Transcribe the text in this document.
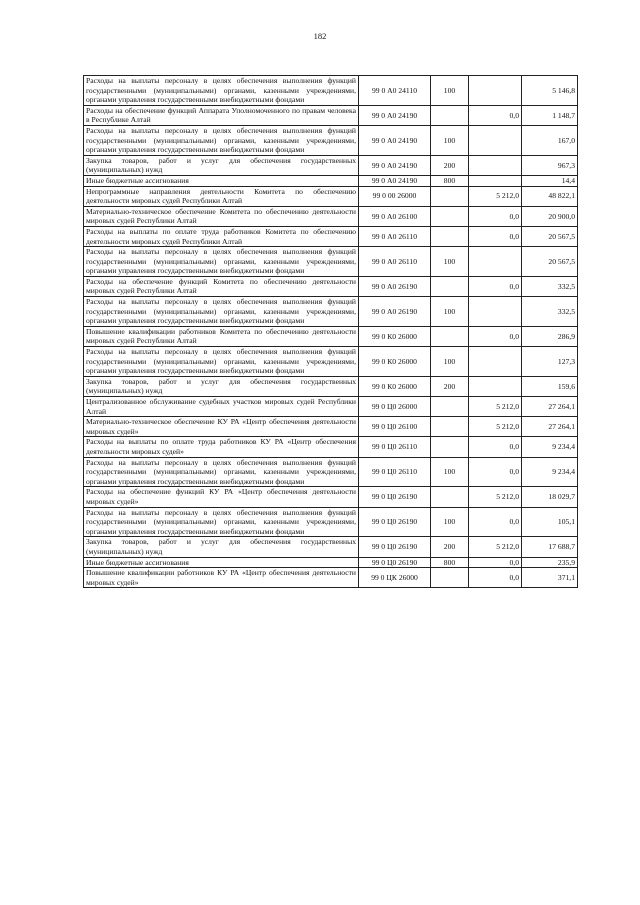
182
Расходы на выплаты персоналу в целях обеспечения выполнения функций государственными (муниципальными) органами, казенными учреждениями, органами управления государственными внебюджетными фондами	99 0 А0 24110	100		5 146,8
Расходы на обеспечение функций Аппарата Уполномоченного по правам человека в Республике Алтай	99 0 А0 24190		0,0	1 148,7
Расходы на выплаты персоналу в целях обеспечения выполнения функций государственными (муниципальными) органами, казенными учреждениями, органами управления государственными внебюджетными фондами	99 0 А0 24190	100		167,0
Закупка товаров, работ и услуг для обеспечения государственных (муниципальных) нужд	99 0 А0 24190	200		967,3
Иные бюджетные ассигнования	99 0 А0 24190	800		14,4
Непрограммные направления деятельности Комитета по обеспечению деятельности мировых судей Республики Алтай	99 0 00 26000		5 212,0	48 822,1
Материально-техническое обеспечение Комитета по обеспечению деятельности мировых судей Республики Алтай	99 0 А0 26100		0,0	20 900,0
Расходы на выплаты по оплате труда работников Комитета по обеспечению деятельности мировых судей Республики Алтай	99 0 А0 26110		0,0	20 567,5
Расходы на выплаты персоналу в целях обеспечения выполнения функций государственными (муниципальными) органами, казенными учреждениями, органами управления государственными внебюджетными фондами	99 0 А0 26110	100		20 567,5
Расходы на обеспечение функций Комитета по обеспечению деятельности мировых судей Республики Алтай	99 0 А0 26190		0,0	332,5
Расходы на выплаты персоналу в целях обеспечения выполнения функций государственными (муниципальными) органами, казенными учреждениями, органами управления государственными внебюджетными фондами	99 0 А0 26190	100		332,5
Повышение квалификации работников Комитета по обеспечению деятельности мировых судей Республики Алтай	99 0 К0 26000		0,0	286,9
Расходы на выплаты персоналу в целях обеспечения выполнения функций государственными (муниципальными) органами, казенными учреждениями, органами управления государственными внебюджетными фондами	99 0 К0 26000	100		127,3
Закупка товаров, работ и услуг для обеспечения государственных (муниципальных) нужд	99 0 К0 26000	200		159,6
Централизованное обслуживание судебных участков мировых судей Республики Алтай	99 0 Ц0 26000		5 212,0	27 264,1
Материально-техническое обеспечение КУ РА «Центр обеспечения деятельности мировых судей»	99 0 Ц0 26100		5 212,0	27 264,1
Расходы на выплаты по оплате труда работников КУ РА «Центр обеспечения деятельности мировых судей»	99 0 Ц0 26110		0,0	9 234,4
Расходы на выплаты персоналу в целях обеспечения выполнения функций государственными (муниципальными) органами, казенными учреждениями, органами управления государственными внебюджетными фондами	99 0 Ц0 26110	100	0,0	9 234,4
Расходы на обеспечение функций КУ РА «Центр обеспечения деятельности мировых судей»	99 0 Ц0 26190		5 212,0	18 029,7
Расходы на выплаты персоналу в целях обеспечения выполнения функций государственными (муниципальными) органами, казенными учреждениями, органами управления государственными внебюджетными фондами	99 0 Ц0 26190	100	0,0	105,1
Закупка товаров, работ и услуг для обеспечения государственных (муниципальных) нужд	99 0 Ц0 26190	200	5 212,0	17 688,7
Иные бюджетные ассигнования	99 0 Ц0 26190	800	0,0	235,9
Повышение квалификации работников КУ РА «Центр обеспечения деятельности мировых судей»	99 0 ЦК 26000		0,0	371,1
